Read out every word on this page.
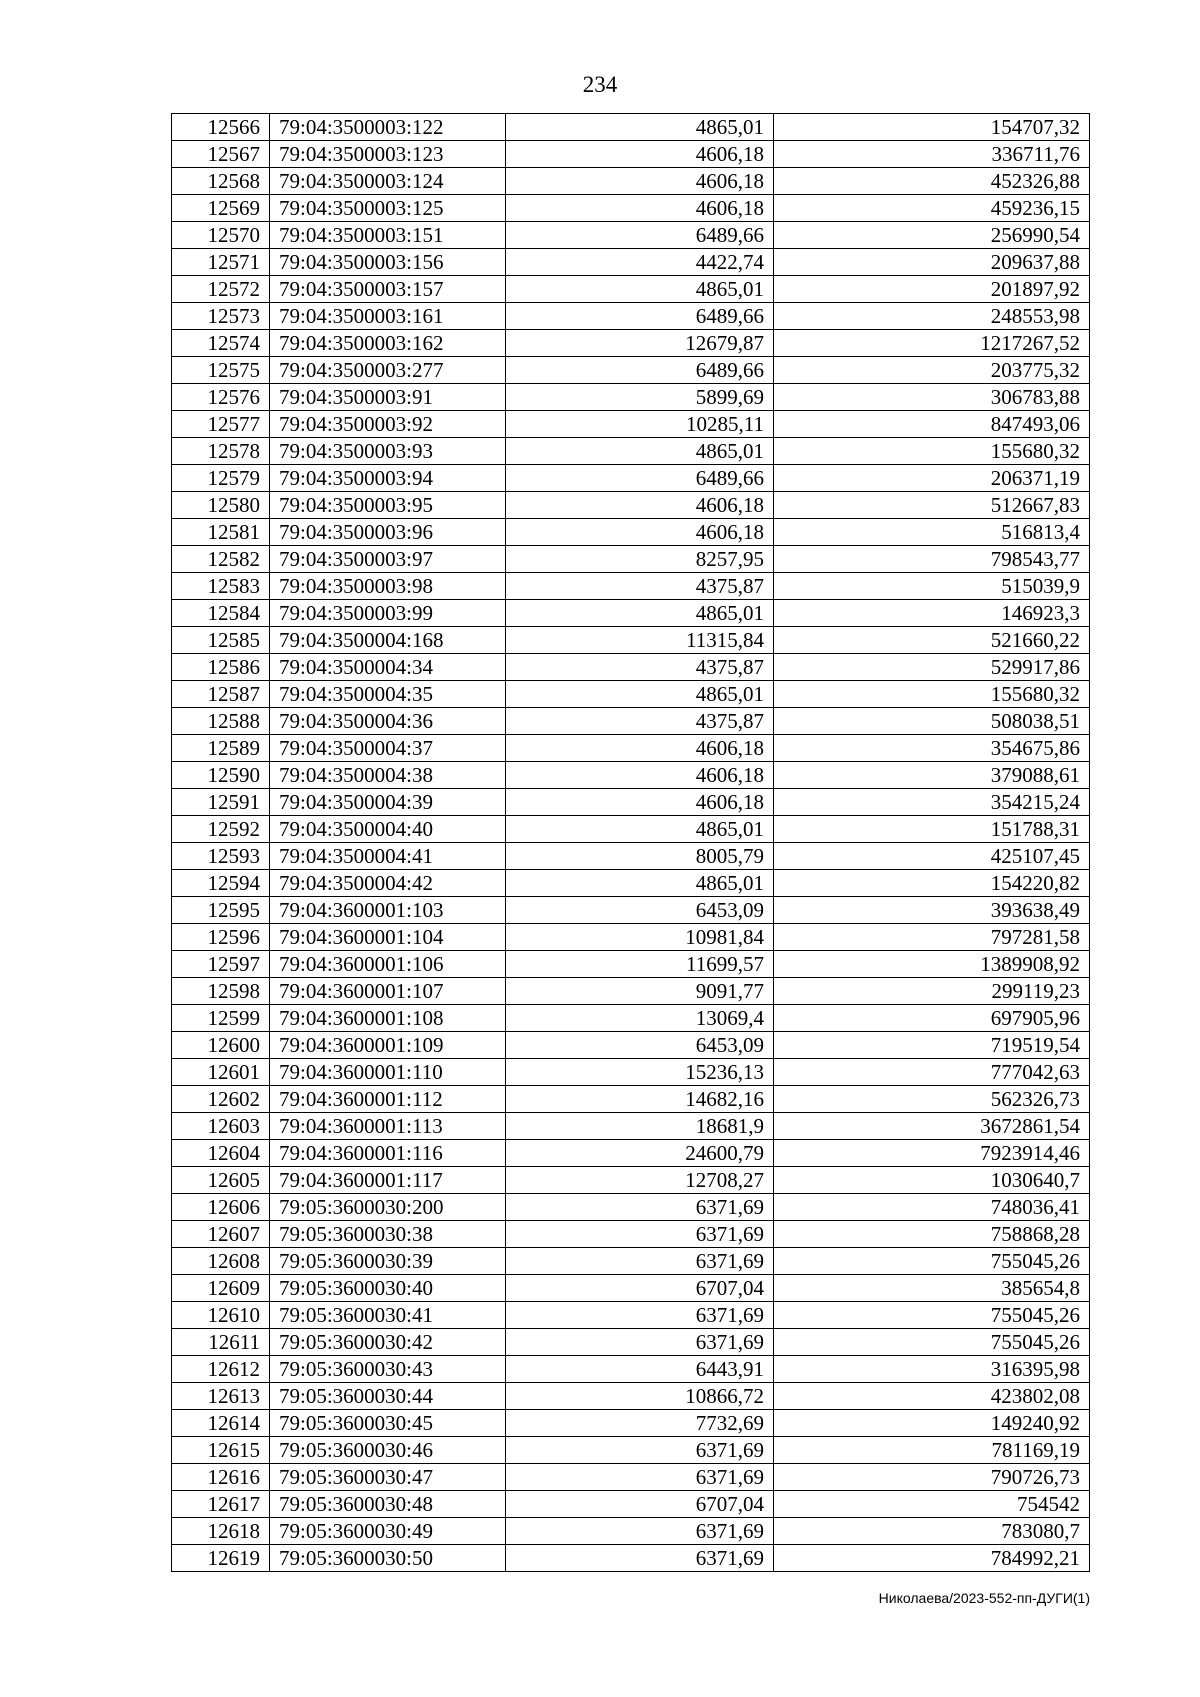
234
12566	79:04:3500003:122	4865,01	154707,32
12567	79:04:3500003:123	4606,18	336711,76
12568	79:04:3500003:124	4606,18	452326,88
12569	79:04:3500003:125	4606,18	459236,15
12570	79:04:3500003:151	6489,66	256990,54
12571	79:04:3500003:156	4422,74	209637,88
12572	79:04:3500003:157	4865,01	201897,92
12573	79:04:3500003:161	6489,66	248553,98
12574	79:04:3500003:162	12679,87	1217267,52
12575	79:04:3500003:277	6489,66	203775,32
12576	79:04:3500003:91	5899,69	306783,88
12577	79:04:3500003:92	10285,11	847493,06
12578	79:04:3500003:93	4865,01	155680,32
12579	79:04:3500003:94	6489,66	206371,19
12580	79:04:3500003:95	4606,18	512667,83
12581	79:04:3500003:96	4606,18	516813,4
12582	79:04:3500003:97	8257,95	798543,77
12583	79:04:3500003:98	4375,87	515039,9
12584	79:04:3500003:99	4865,01	146923,3
12585	79:04:3500004:168	11315,84	521660,22
12586	79:04:3500004:34	4375,87	529917,86
12587	79:04:3500004:35	4865,01	155680,32
12588	79:04:3500004:36	4375,87	508038,51
12589	79:04:3500004:37	4606,18	354675,86
12590	79:04:3500004:38	4606,18	379088,61
12591	79:04:3500004:39	4606,18	354215,24
12592	79:04:3500004:40	4865,01	151788,31
12593	79:04:3500004:41	8005,79	425107,45
12594	79:04:3500004:42	4865,01	154220,82
12595	79:04:3600001:103	6453,09	393638,49
12596	79:04:3600001:104	10981,84	797281,58
12597	79:04:3600001:106	11699,57	1389908,92
12598	79:04:3600001:107	9091,77	299119,23
12599	79:04:3600001:108	13069,4	697905,96
12600	79:04:3600001:109	6453,09	719519,54
12601	79:04:3600001:110	15236,13	777042,63
12602	79:04:3600001:112	14682,16	562326,73
12603	79:04:3600001:113	18681,9	3672861,54
12604	79:04:3600001:116	24600,79	7923914,46
12605	79:04:3600001:117	12708,27	1030640,7
12606	79:05:3600030:200	6371,69	748036,41
12607	79:05:3600030:38	6371,69	758868,28
12608	79:05:3600030:39	6371,69	755045,26
12609	79:05:3600030:40	6707,04	385654,8
12610	79:05:3600030:41	6371,69	755045,26
12611	79:05:3600030:42	6371,69	755045,26
12612	79:05:3600030:43	6443,91	316395,98
12613	79:05:3600030:44	10866,72	423802,08
12614	79:05:3600030:45	7732,69	149240,92
12615	79:05:3600030:46	6371,69	781169,19
12616	79:05:3600030:47	6371,69	790726,73
12617	79:05:3600030:48	6707,04	754542
12618	79:05:3600030:49	6371,69	783080,7
12619	79:05:3600030:50	6371,69	784992,21
Николаева/2023-552-пп-ДУГИ(1)
